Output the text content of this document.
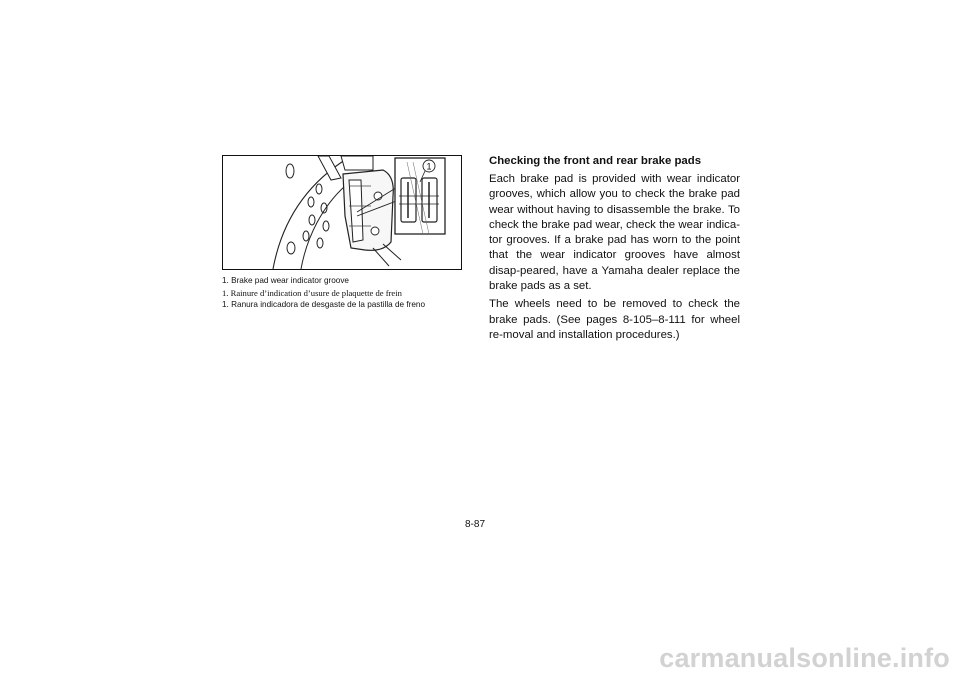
1
1. Brake pad wear indicator groove
1. Rainure d’indication d’usure de plaquette de frein
1. Ranura indicadora de desgaste de la pastilla de freno
Checking the front and rear brake pads

Each brake pad is provided with wear indicator grooves, which allow you to check the brake pad wear without having to disassemble the brake. To check the brake pad wear, check the wear indica-tor grooves. If a brake pad has worn to the point that the wear indicator grooves have almost disap-peared, have a Yamaha dealer replace the brake pads as a set.

The wheels need to be removed to check the brake pads. (See pages 8-105–8-111 for wheel re-moval and installation procedures.)

8-87
carmanualsonline.info
